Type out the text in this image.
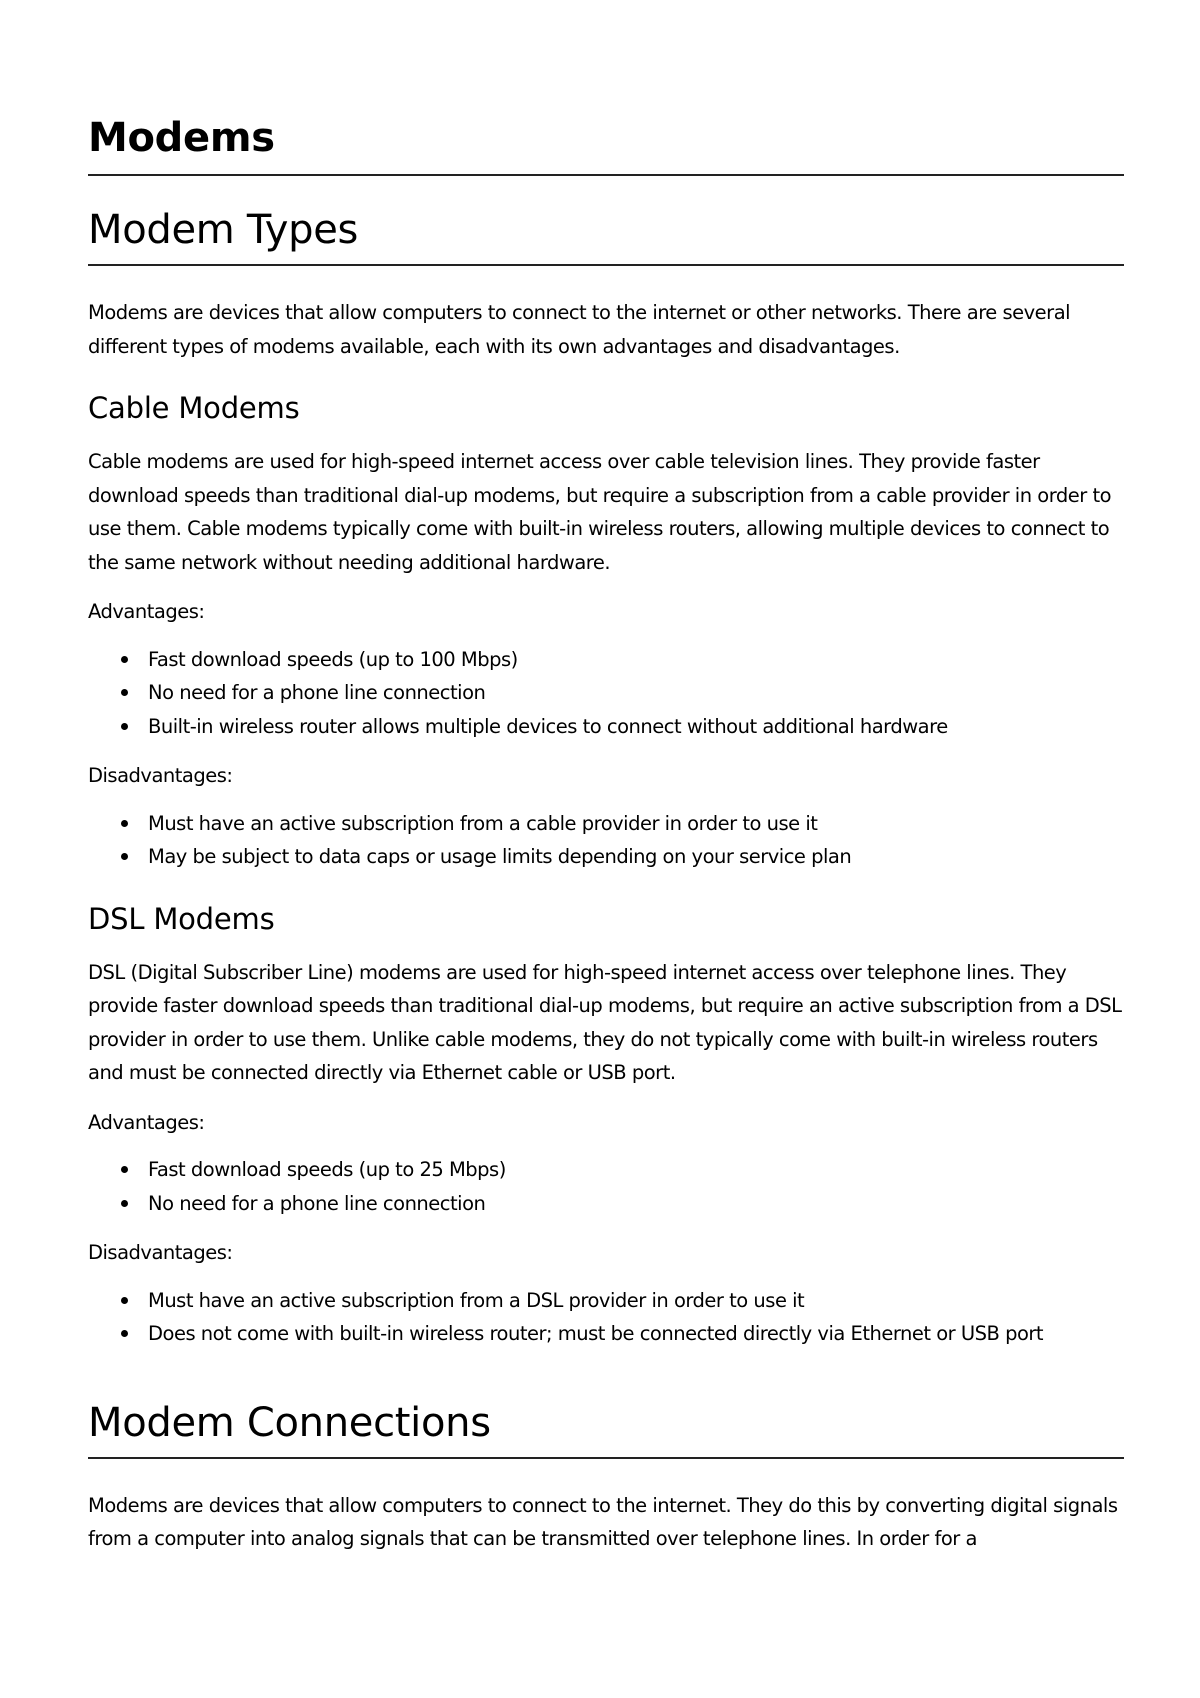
Modems
Modem Types

Modems are devices that allow computers to connect to the internet or other networks. There are several different types of modems available, each with its own advantages and disadvantages.

Cable Modems

Cable modems are used for high-speed internet access over cable television lines. They provide faster download speeds than traditional dial-up modems, but require a subscription from a cable provider in order to use them. Cable modems typically come with built-in wireless routers, allowing multiple devices to connect to the same network without needing additional hardware.

Advantages:

Fast download speeds (up to 100 Mbps)
No need for a phone line connection
Built-in wireless router allows multiple devices to connect without additional hardware

Disadvantages:

Must have an active subscription from a cable provider in order to use it
May be subject to data caps or usage limits depending on your service plan
DSL Modems

DSL (Digital Subscriber Line) modems are used for high-speed internet access over telephone lines. They provide faster download speeds than traditional dial-up modems, but require an active subscription from a DSL provider in order to use them. Unlike cable modems, they do not typically come with built-in wireless routers and must be connected directly via Ethernet cable or USB port.

Advantages:

Fast download speeds (up to 25 Mbps)
No need for a phone line connection

Disadvantages:

Must have an active subscription from a DSL provider in order to use it
Does not come with built-in wireless router; must be connected directly via Ethernet or USB port
Modem Connections

Modems are devices that allow computers to connect to the internet. They do this by converting digital signals from a computer into analog signals that can be transmitted over telephone lines. In order for a
